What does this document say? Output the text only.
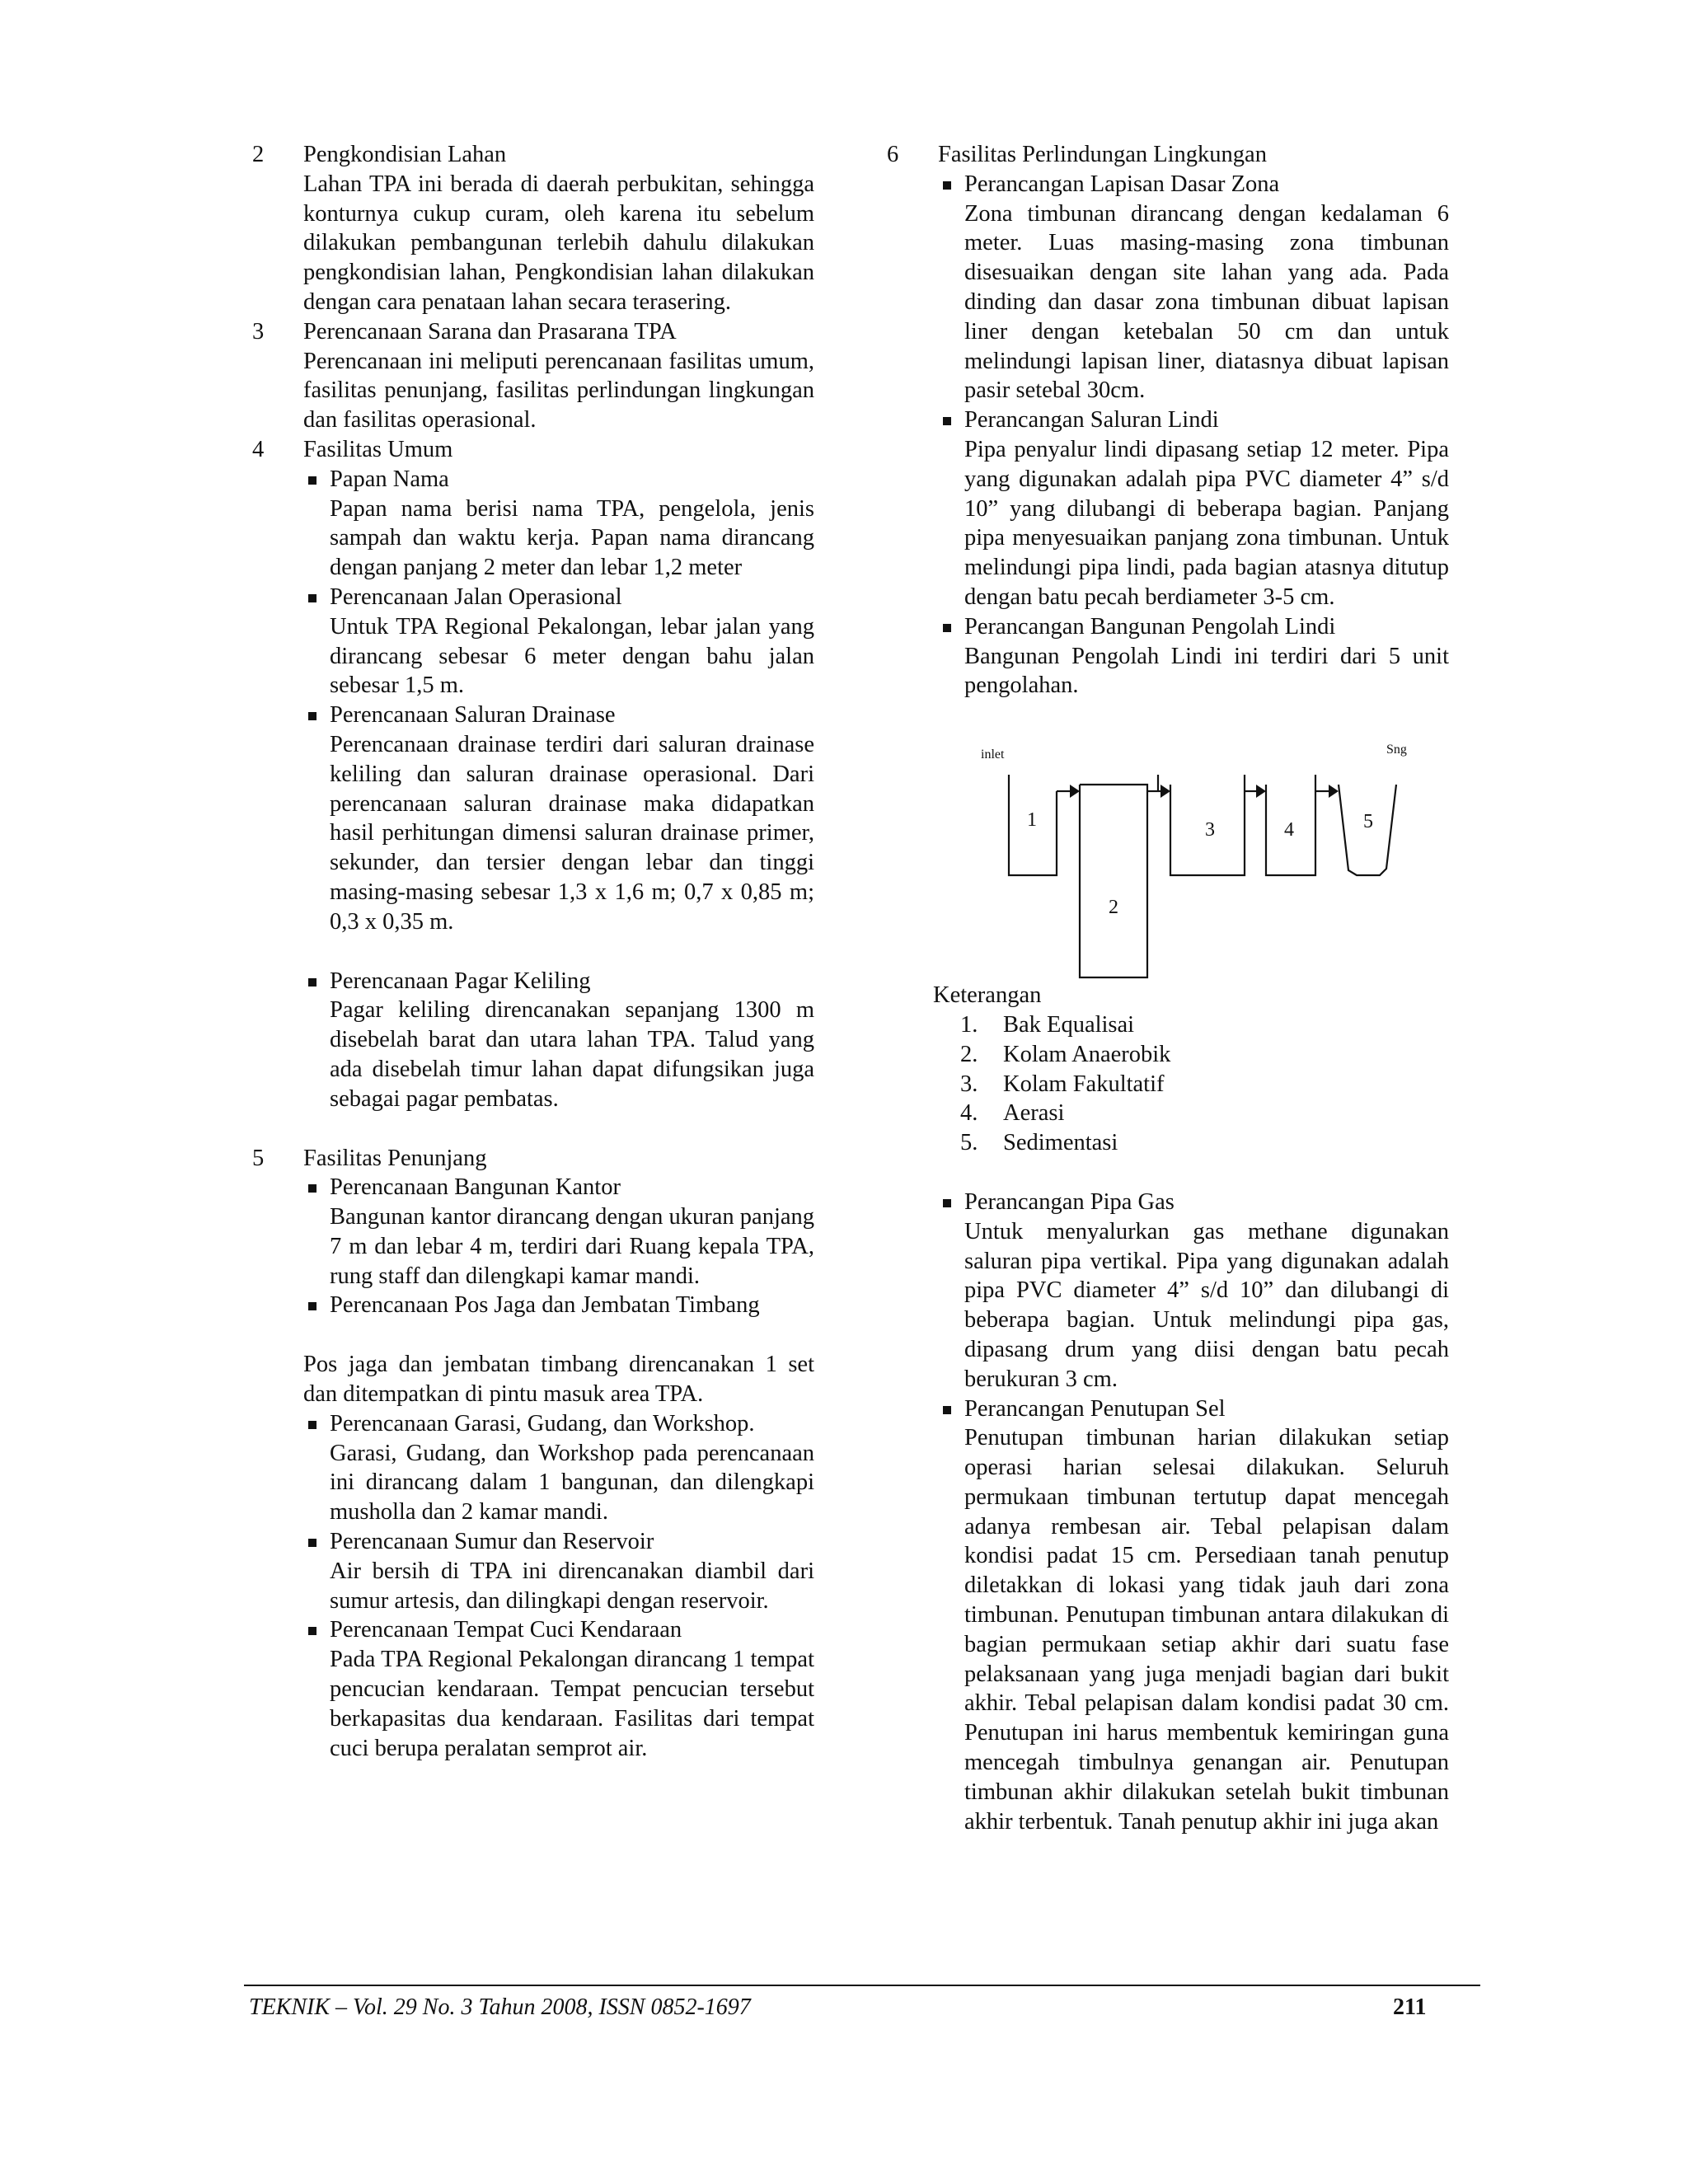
2	Pengkondisian Lahan
Lahan TPA ini berada di daerah perbukitan, sehingga konturnya cukup curam, oleh karena itu sebelum dilakukan pembangunan terlebih dahulu dilakukan pengkondisian lahan, Pengkondisian lahan dilakukan dengan cara penataan lahan secara terasering.
3	Perencanaan Sarana dan Prasarana TPA
Perencanaan ini meliputi perencanaan fasilitas umum, fasilitas penunjang, fasilitas perlindungan lingkungan dan fasilitas operasional.
4	Fasilitas Umum
Papan Nama
Papan nama berisi nama TPA, pengelola, jenis sampah dan waktu kerja. Papan nama dirancang dengan panjang 2 meter dan lebar 1,2 meter
Perencanaan Jalan Operasional
Untuk TPA Regional Pekalongan, lebar jalan yang dirancang sebesar 6 meter dengan bahu jalan sebesar 1,5 m.
Perencanaan Saluran Drainase
Perencanaan drainase terdiri dari saluran drainase keliling dan saluran drainase operasional. Dari perencanaan saluran drainase maka didapatkan hasil perhitungan dimensi saluran drainase primer, sekunder, dan tersier dengan lebar dan tinggi masing-masing sebesar 1,3 x 1,6 m; 0,7 x 0,85 m; 0,3 x 0,35 m.
Perencanaan Pagar Keliling
Pagar keliling direncanakan sepanjang 1300 m disebelah barat dan utara lahan TPA. Talud yang ada disebelah timur lahan dapat difungsikan juga sebagai pagar pembatas.
5	Fasilitas Penunjang
Perencanaan Bangunan Kantor
Bangunan kantor dirancang dengan ukuran panjang 7 m dan lebar 4 m, terdiri dari Ruang kepala TPA, rung staff dan dilengkapi kamar mandi.
Perencanaan Pos Jaga dan Jembatan Timbang
Pos jaga dan jembatan timbang direncanakan 1 set dan ditempatkan di pintu masuk area TPA.
Perencanaan Garasi, Gudang, dan Workshop.
Garasi, Gudang, dan Workshop pada perencanaan ini dirancang dalam 1 bangunan, dan dilengkapi musholla dan 2 kamar mandi.
Perencanaan Sumur dan Reservoir
Air bersih di TPA ini direncanakan diambil dari sumur artesis, dan dilingkapi dengan reservoir.
Perencanaan Tempat Cuci Kendaraan
Pada TPA Regional Pekalongan dirancang 1 tempat pencucian kendaraan. Tempat pencucian tersebut berkapasitas dua kendaraan. Fasilitas dari tempat cuci berupa peralatan semprot air.
6	Fasilitas Perlindungan Lingkungan
Perancangan Lapisan Dasar Zona
Zona timbunan dirancang dengan kedalaman 6 meter. Luas masing-masing zona timbunan disesuaikan dengan site lahan yang ada. Pada dinding dan dasar zona timbunan dibuat lapisan liner dengan ketebalan 50 cm dan untuk melindungi lapisan liner, diatasnya dibuat lapisan pasir setebal 30cm.
Perancangan Saluran Lindi
Pipa penyalur lindi dipasang setiap 12 meter. Pipa yang digunakan adalah pipa PVC diameter 4” s/d 10” yang dilubangi di beberapa bagian. Panjang pipa menyesuaikan panjang zona timbunan. Untuk melindungi pipa lindi, pada bagian atasnya ditutup dengan batu pecah berdiameter 3-5 cm.
Perancangan Bangunan Pengolah Lindi
Bangunan Pengolah Lindi ini terdiri dari 5 unit pengolahan.
inlet	Sng
1
2
3	4	5
Keterangan
1.	Bak Equalisai
2.	Kolam Anaerobik
3.	Kolam Fakultatif
4.	Aerasi
5.	Sedimentasi
Perancangan Pipa Gas
Untuk menyalurkan gas methane digunakan saluran pipa vertikal. Pipa yang digunakan adalah pipa PVC diameter 4” s/d 10” dan dilubangi di beberapa bagian. Untuk melindungi pipa gas, dipasang drum yang diisi dengan batu pecah berukuran 3 cm.
Perancangan Penutupan Sel
Penutupan timbunan harian dilakukan setiap operasi harian selesai dilakukan. Seluruh permukaan timbunan tertutup dapat mencegah adanya rembesan air. Tebal pelapisan dalam kondisi padat 15 cm. Persediaan tanah penutup diletakkan di lokasi yang tidak jauh dari zona timbunan. Penutupan timbunan antara dilakukan di bagian permukaan setiap akhir dari suatu fase pelaksanaan yang juga menjadi bagian dari bukit akhir. Tebal pelapisan dalam kondisi padat 30 cm. Penutupan ini harus membentuk kemiringan guna mencegah timbulnya genangan air. Penutupan timbunan akhir dilakukan setelah bukit timbunan akhir terbentuk. Tanah penutup akhir ini juga akan
TEKNIK – Vol. 29 No. 3 Tahun 2008, ISSN 0852-1697	211
